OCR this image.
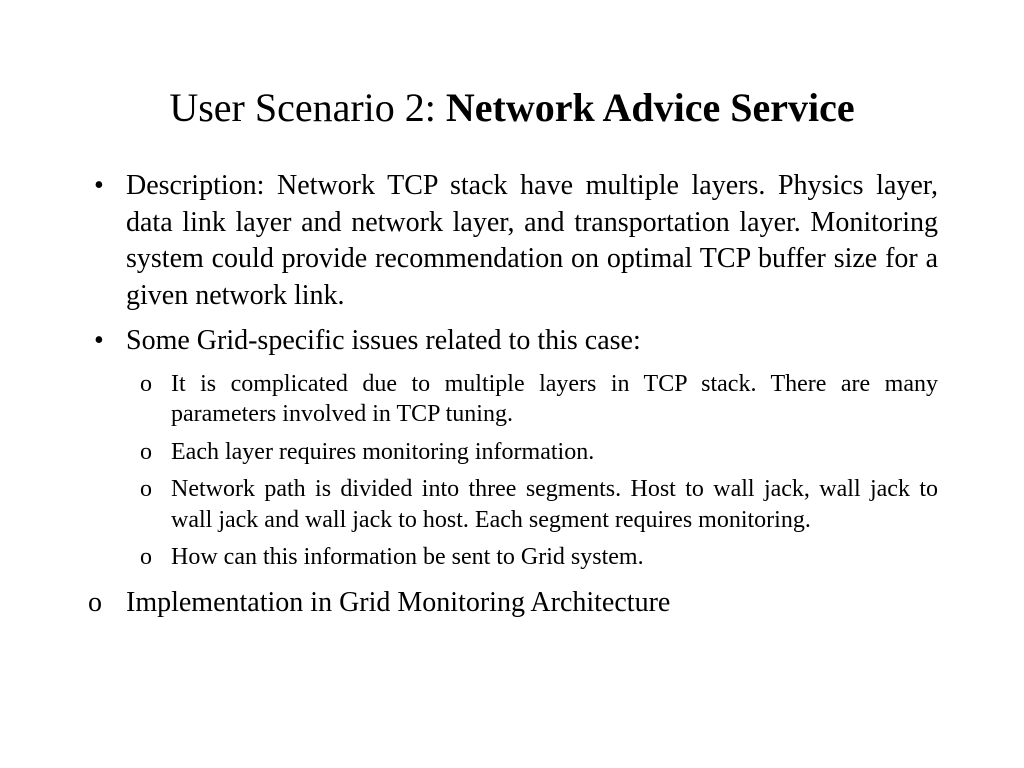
User Scenario 2: Network Advice Service
• Description: Network TCP stack have multiple layers. Physics layer, data link layer and network layer, and transportation layer. Monitoring system could provide recommendation on optimal TCP buffer size for a given network link.
• Some Grid-specific issues related to this case:
o It is complicated due to multiple layers in TCP stack. There are many parameters involved in TCP tuning.
o Each layer requires monitoring information.
o Network path is divided into three segments. Host to wall jack, wall jack to wall jack and wall jack to host. Each segment requires monitoring.
o How can this information be sent to Grid system.
o Implementation in Grid Monitoring Architecture
